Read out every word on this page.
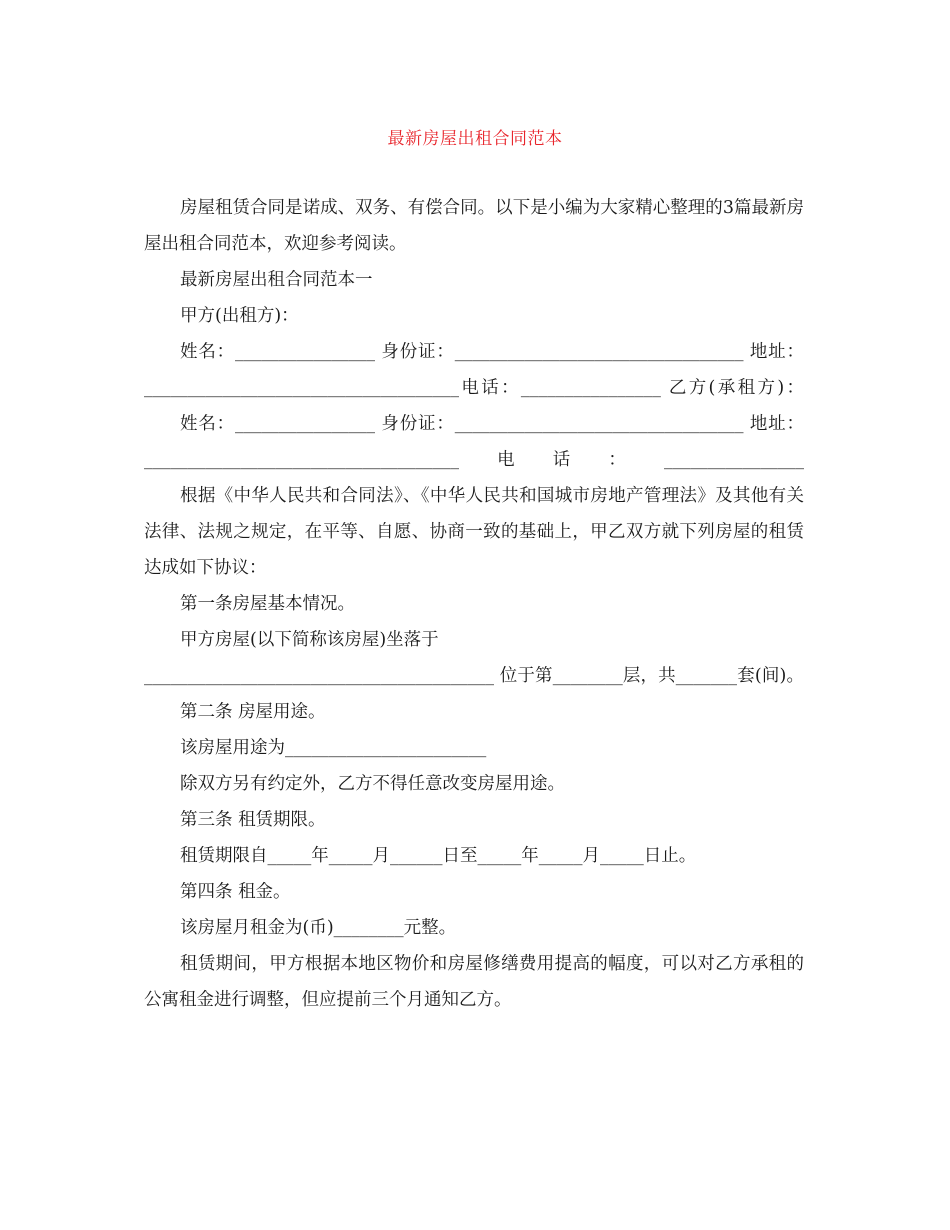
最新房屋出租合同范本

房屋租赁合同是诺成、双务、有偿合同。以下是小编为大家精心整理的3篇最新房屋出租合同范本，欢迎参考阅读。

最新房屋出租合同范本一

甲方(出租方)：

姓名：________________ 身份证：_________________________________ 地址：____________________________________电话：________________ 乙方(承租方)：

姓名：________________ 身份证：_________________________________ 地址：____________________________________电话：________________

根据《中华人民共和合同法》、《中华人民共和国城市房地产管理法》及其他有关法律、法规之规定，在平等、自愿、协商一致的基础上，甲乙双方就下列房屋的租赁达成如下协议：

第一条房屋基本情况。

甲方房屋(以下简称该房屋)坐落于

________________________________________ 位于第________层，共_______套(间)。

第二条 房屋用途。

该房屋用途为_______________________

除双方另有约定外，乙方不得任意改变房屋用途。

第三条 租赁期限。

租赁期限自_____年_____月______日至_____年_____月_____日止。

第四条 租金。

该房屋月租金为(币)________元整。

租赁期间，甲方根据本地区物价和房屋修缮费用提高的幅度，可以对乙方承租的公寓租金进行调整，但应提前三个月通知乙方。
